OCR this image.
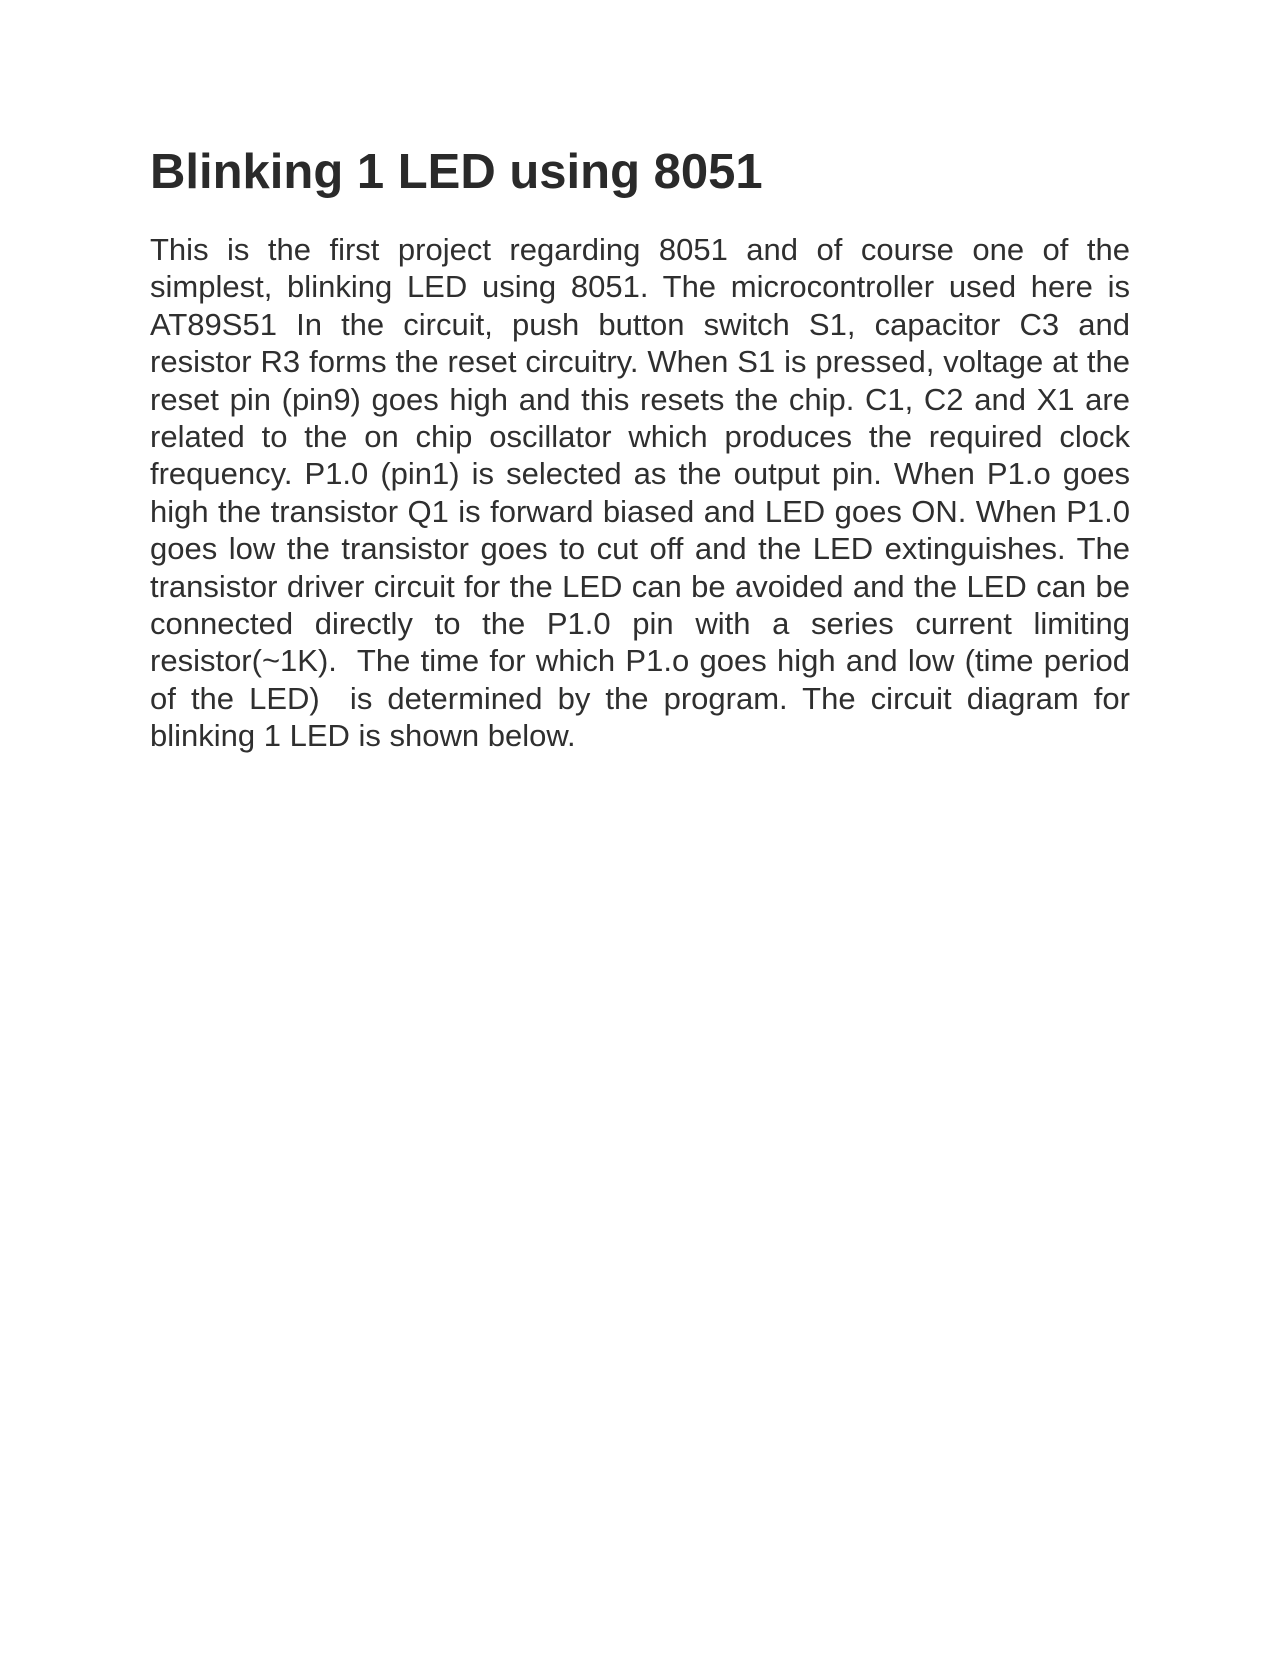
Blinking 1 LED using 8051

This is the first project regarding 8051 and of course one of the simplest, blinking LED using 8051. The microcontroller used here is AT89S51 In the circuit, push button switch S1, capacitor C3 and resistor R3 forms the reset circuitry. When S1 is pressed, voltage at the reset pin (pin9) goes high and this resets the chip. C1, C2 and X1 are related to the on chip oscillator which produces the required clock frequency. P1.0 (pin1) is selected as the output pin. When P1.o goes high the transistor Q1 is forward biased and LED goes ON. When P1.0 goes low the transistor goes to cut off and the LED extinguishes. The transistor driver circuit for the LED can be avoided and the LED can be connected directly to the P1.0 pin with a series current limiting resistor(~1K).  The time for which P1.o goes high and low (time period of the LED)  is determined by the program. The circuit diagram for blinking 1 LED is shown below.
